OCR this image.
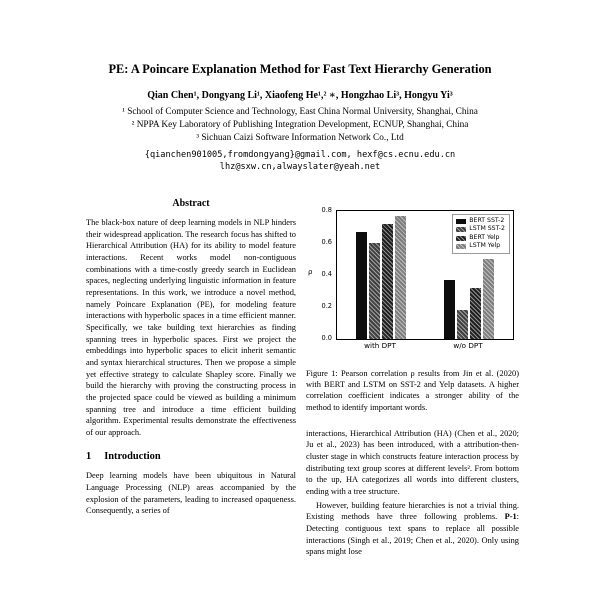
PE: A Poincare Explanation Method for Fast Text Hierarchy Generation
Qian Chen¹, Dongyang Li¹, Xiaofeng He¹,² ∗, Hongzhao Li³, Hongyu Yi³
¹ School of Computer Science and Technology, East China Normal University, Shanghai, China
² NPPA Key Laboratory of Publishing Integration Development, ECNUP, Shanghai, China
³ Sichuan Caizi Software Information Network Co., Ltd
{qianchen901005,fromdongyang}@gmail.com, hexf@cs.ecnu.edu.cn
lhz@sxw.cn,alwayslater@yeah.net
Abstract

The black-box nature of deep learning models in NLP hinders their widespread application. The research focus has shifted to Hierarchical Attribution (HA) for its ability to model feature interactions. Recent works model non-contiguous combinations with a time-costly greedy search in Euclidean spaces, neglecting underlying linguistic information in feature representations. In this work, we introduce a novel method, namely Poincare Explanation (PE), for modeling feature interactions with hyperbolic spaces in a time efficient manner. Specifically, we take building text hierarchies as finding spanning trees in hyperbolic spaces. First we project the embeddings into hyperbolic spaces to elicit inherit semantic and syntax hierarchical structures. Then we propose a simple yet effective strategy to calculate Shapley score. Finally we build the hierarchy with proving the constructing process in the projected space could be viewed as building a minimum spanning tree and introduce a time efficient building algorithm. Experimental results demonstrate the effectiveness of our approach.

1 Introduction

Deep learning models have been ubiquitous in Natural Language Processing (NLP) areas accompanied by the explosion of the parameters, leading to increased opaqueness. Consequently, a series of

ρ
0.0
0.2
0.4
0.6
0.8
BERT SST-2
LSTM SST-2
BERT Yelp
LSTM Yelp
with DPT	w/o DPT

Figure 1: Pearson correlation ρ results from Jin et al. (2020) with BERT and LSTM on SST-2 and Yelp datasets. A higher correlation coefficient indicates a stronger ability of the method to identify important words.

interactions, Hierarchical Attribution (HA) (Chen et al., 2020; Ju et al., 2023) has been introduced, with a attribution-then-cluster stage in which constructs feature interaction process by distributing text group scores at different levels². From bottom to the up, HA categorizes all words into different clusters, ending with a tree structure.

However, building feature hierarchies is not a trivial thing. Existing methods have three following problems. P-1: Detecting contiguous text spans to replace all possible interactions (Singh et al., 2019; Chen et al., 2020). Only using spans might lose
